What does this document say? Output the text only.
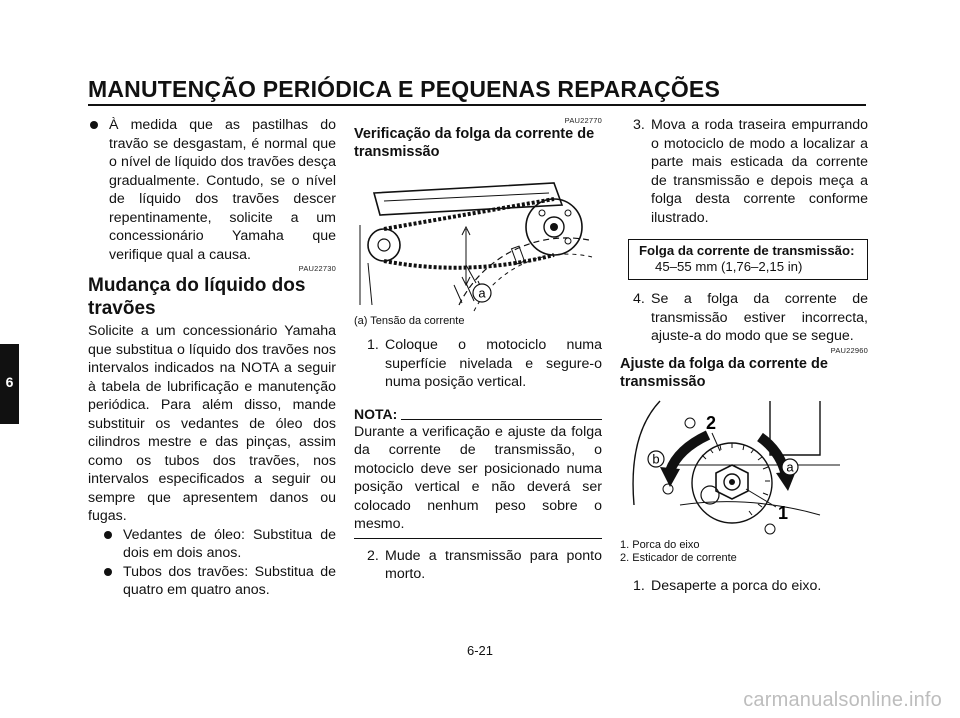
MANUTENÇÃO PERIÓDICA E PEQUENAS REPARAÇÕES
6
À medida que as pastilhas do travão se desgastam, é normal que o nível de líquido dos travões desça gradualmente. Contudo, se o nível de líquido dos travões descer repentinamente, solicite a um concessionário Yamaha que verifique qual a causa.
PAU22730
Mudança do líquido dos travões
Solicite a um concessionário Yamaha que substitua o líquido dos travões nos intervalos indicados na NOTA a seguir à tabela de lubrificação e manutenção periódica. Para além disso, mande substituir os vedantes de óleo dos cilindros mestre e das pinças, assim como os tubos dos travões, nos intervalos especificados a seguir ou sempre que apresentem danos ou fugas.
Vedantes de óleo: Substitua de dois em dois anos.
Tubos dos travões: Substitua de quatro em quatro anos.
PAU22770
Verificação da folga da corrente de transmissão
a
(a) Tensão da corrente
1. Coloque o motociclo numa superfície nivelada e segure-o numa posição vertical.
NOTA:
Durante a verificação e ajuste da folga da corrente de transmissão, o motociclo deve ser posicionado numa posição vertical e não deverá ser colocado nenhum peso sobre o mesmo.
2. Mude a transmissão para ponto morto.
3. Mova a roda traseira empurrando o motociclo de modo a localizar a parte mais esticada da corrente de transmissão e depois meça a folga desta corrente conforme ilustrado.
Folga da corrente de transmissão:
45–55 mm (1,76–2,15 in)
4. Se a folga da corrente de transmissão estiver incorrecta, ajuste-a do modo que se segue.
PAU22960
Ajuste da folga da corrente de transmissão
2
1
b
a
1. Porca do eixo
2. Esticador de corrente
1. Desaperte a porca do eixo.
6-21
carmanualsonline.info
